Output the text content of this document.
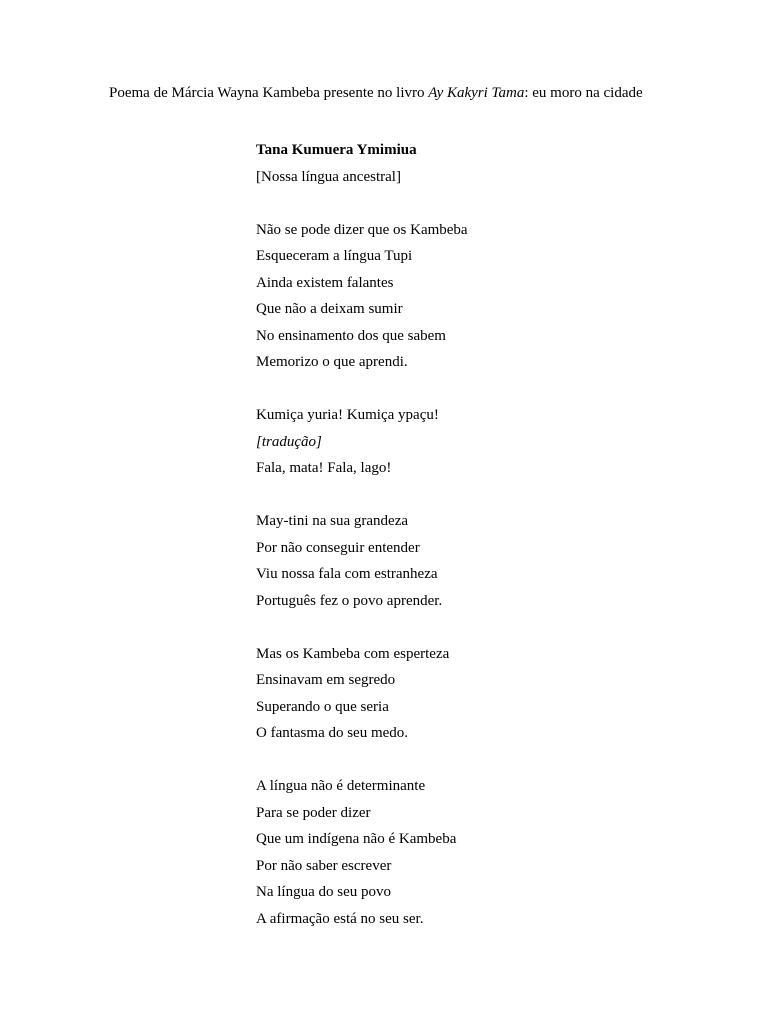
Poema de Márcia Wayna Kambeba presente no livro Ay Kakyri Tama: eu moro na cidade
Tana Kumuera Ymimiua
[Nossa língua ancestral]
Não se pode dizer que os Kambeba
Esqueceram a língua Tupi
Ainda existem falantes
Que não a deixam sumir
No ensinamento dos que sabem
Memorizo o que aprendi.
Kumiça yuria! Kumiça ypaçu!
[tradução]
Fala, mata! Fala, lago!
May-tini na sua grandeza
Por não conseguir entender
Viu nossa fala com estranheza
Português fez o povo aprender.
Mas os Kambeba com esperteza
Ensinavam em segredo
Superando o que seria
O fantasma do seu medo.
A língua não é determinante
Para se poder dizer
Que um indígena não é Kambeba
Por não saber escrever
Na língua do seu povo
A afirmação está no seu ser.
